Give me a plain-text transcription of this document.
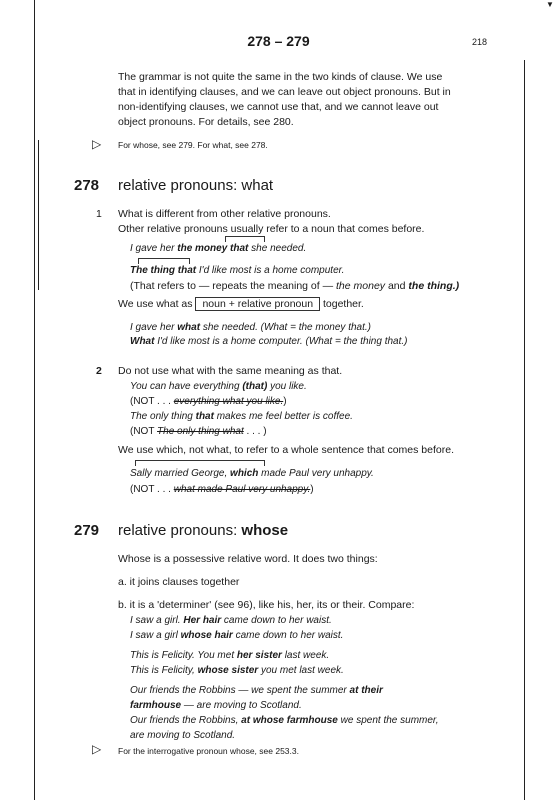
▼
278 – 279	218
The grammar is not quite the same in the two kinds of clause. We use
that in identifying clauses, and we can leave out object pronouns. But in
non-identifying clauses, we cannot use that, and we cannot leave out
object pronouns. For details, see 280.
▷ For whose, see 279. For what, see 278.
278 relative pronouns: what
1 What is different from other relative pronouns.
Other relative pronouns usually refer to a noun that comes before.
I gave her the money that she needed.
The thing that I'd like most is a home computer.
(That refers to — repeats the meaning of — the money and the thing.)
We use what as noun + relative pronoun together.
I gave her what she needed. (What = the money that.)
What I'd like most is a home computer. (What = the thing that.)
2 Do not use what with the same meaning as that.
You can have everything (that) you like.
(NOT . . . everything what you like.)
The only thing that makes me feel better is coffee.
(NOT The only thing what . . . )
We use which, not what, to refer to a whole sentence that comes before.
Sally married George, which made Paul very unhappy.
(NOT . . . what made Paul very unhappy.)
279 relative pronouns: whose
Whose is a possessive relative word. It does two things:
a. it joins clauses together
b. it is a 'determiner' (see 96), like his, her, its or their. Compare:
I saw a girl. Her hair came down to her waist.
I saw a girl whose hair came down to her waist.
This is Felicity. You met her sister last week.
This is Felicity, whose sister you met last week.
Our friends the Robbins — we spent the summer at their
farmhouse — are moving to Scotland.
Our friends the Robbins, at whose farmhouse we spent the summer,
are moving to Scotland.
▷ For the interrogative pronoun whose, see 253.3.
